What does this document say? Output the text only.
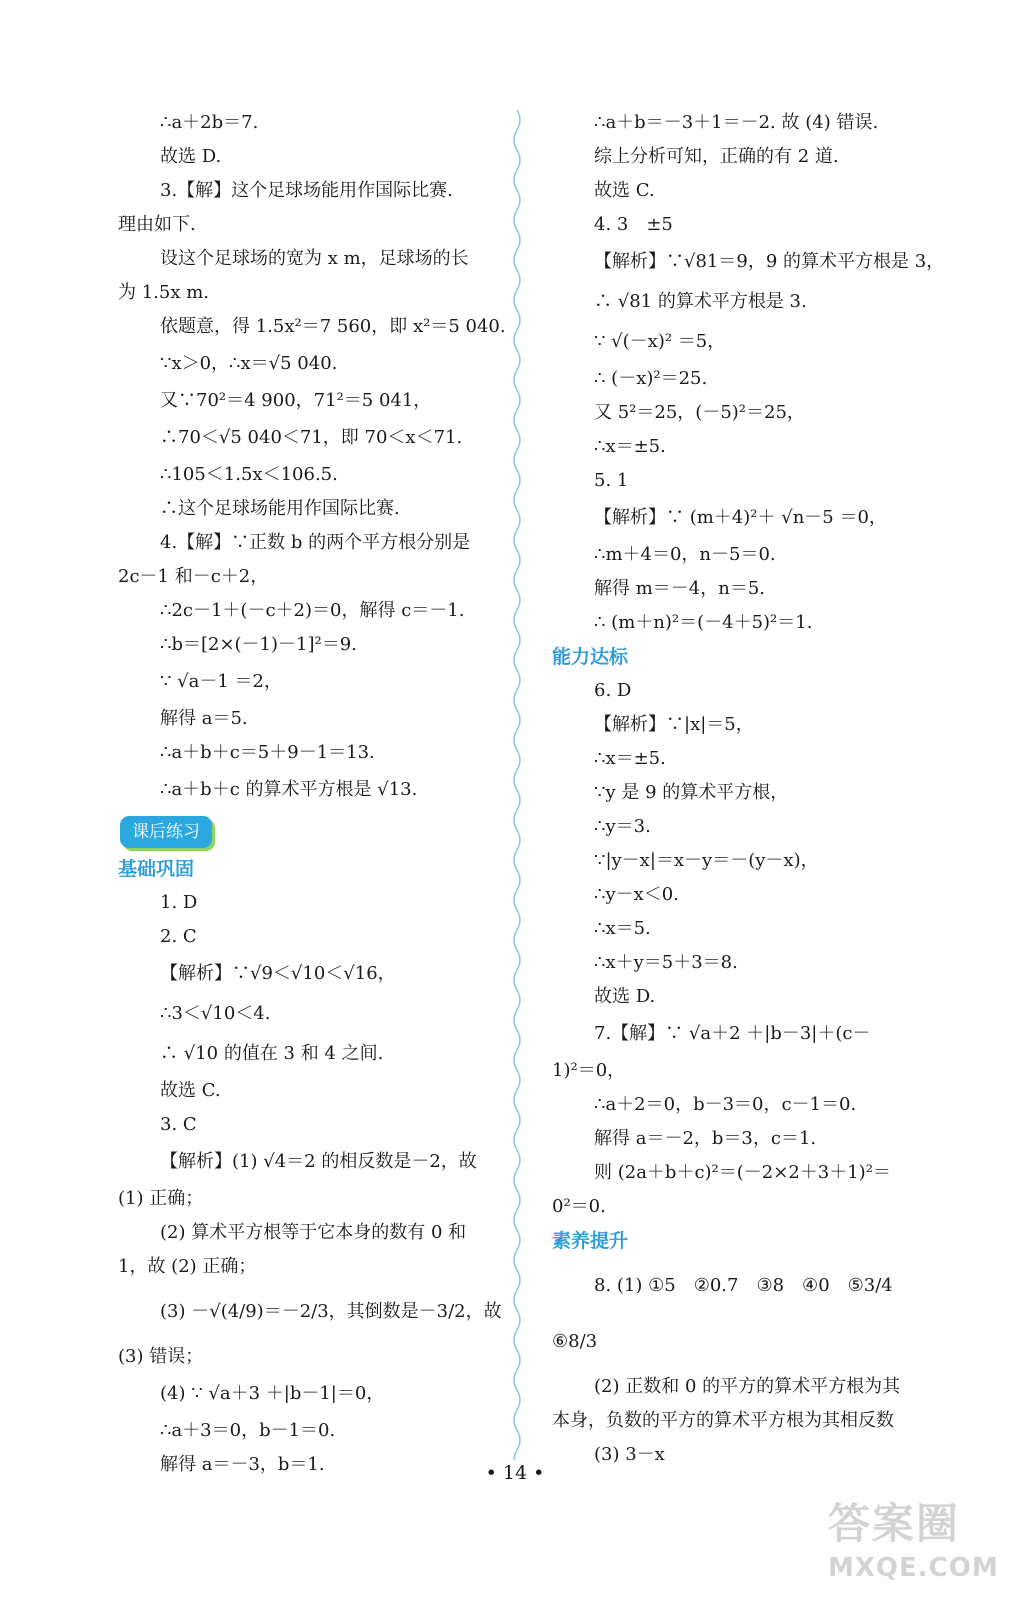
∴a＋2b＝7.
故选 D.
3.【解】这个足球场能用作国际比赛.
理由如下.
设这个足球场的宽为 x m，足球场的长
为 1.5x m.
依题意，得 1.5x²＝7 560，即 x²＝5 040.
∵x＞0，∴x＝√5 040.
又∵70²＝4 900，71²＝5 041，
∴70＜√5 040＜71，即 70＜x＜71.
∴105＜1.5x＜106.5.
∴这个足球场能用作国际比赛.
4.【解】∵正数 b 的两个平方根分别是
2c－1 和－c＋2，
∴2c－1＋(－c＋2)＝0，解得 c＝－1.
∴b＝[2×(－1)－1]²＝9.
∵ √a－1 ＝2，
解得 a＝5.
∴a＋b＋c＝5＋9－1＝13.
∴a＋b＋c 的算术平方根是 √13.
课后练习
基础巩固
1. D
2. C
【解析】∵√9＜√10＜√16，
∴3＜√10＜4.
∴ √10 的值在 3 和 4 之间.
故选 C.
3. C
【解析】(1) √4＝2 的相反数是－2，故
(1) 正确；
(2) 算术平方根等于它本身的数有 0 和
1，故 (2) 正确；
(3) －√(4/9)＝－2/3，其倒数是－3/2，故
(3) 错误；
(4) ∵ √a＋3 ＋|b－1|＝0，
∴a＋3＝0，b－1＝0.
解得 a＝－3，b＝1.
∴a＋b＝－3＋1＝－2. 故 (4) 错误.
综上分析可知，正确的有 2 道.
故选 C.
4. 3　±5
【解析】∵√81＝9，9 的算术平方根是 3，
∴ √81 的算术平方根是 3.
∵ √(－x)² ＝5，
∴ (－x)²＝25.
又 5²＝25，(－5)²＝25，
∴x＝±5.
5. 1
【解析】∵ (m＋4)²＋ √n－5 ＝0，
∴m＋4＝0，n－5＝0.
解得 m＝－4，n＝5.
∴ (m＋n)²＝(－4＋5)²＝1.
能力达标
6. D
【解析】∵|x|＝5，
∴x＝±5.
∵y 是 9 的算术平方根，
∴y＝3.
∵|y－x|＝x－y＝－(y－x)，
∴y－x＜0.
∴x＝5.
∴x＋y＝5＋3＝8.
故选 D.
7.【解】∵ √a＋2 ＋|b－3|＋(c－
1)²＝0，
∴a＋2＝0，b－3＝0，c－1＝0.
解得 a＝－2，b＝3，c＝1.
则 (2a＋b＋c)²＝(－2×2＋3＋1)²＝
0²＝0.
素养提升
8. (1) ①5　②0.7　③8　④0　⑤3/4
⑥8/3
(2) 正数和 0 的平方的算术平方根为其
本身，负数的平方的算术平方根为其相反数
(3) 3－x
• 14 •
答案圈
MXQE.COM
